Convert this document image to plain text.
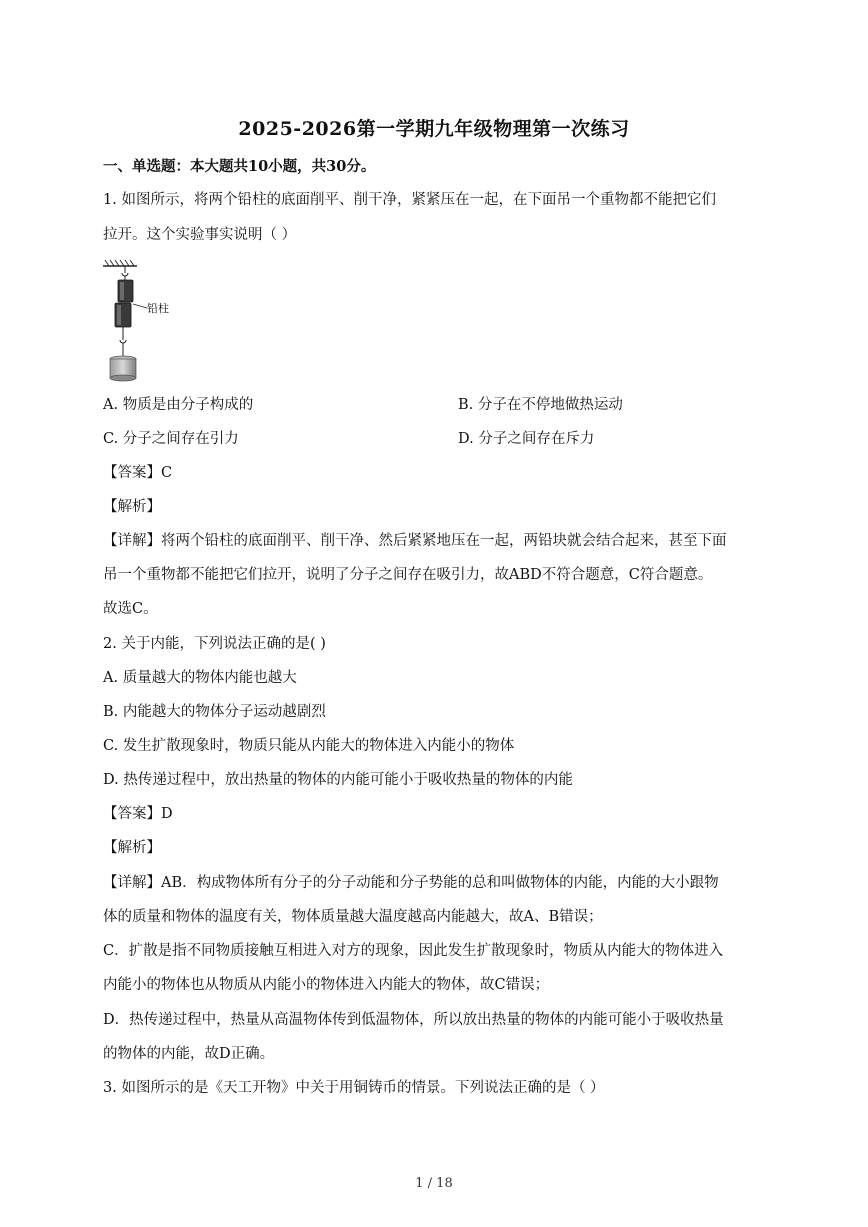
2025-2026第一学期九年级物理第一次练习
一、单选题：本大题共10小题，共30分。
1. 如图所示，将两个铅柱的底面削平、削干净，紧紧压在一起，在下面吊一个重物都不能把它们
拉开。这个实验事实说明（ ）
铅柱
A. 物质是由分子构成的	B. 分子在不停地做热运动
C. 分子之间存在引力	D. 分子之间存在斥力
【答案】C
【解析】
【详解】将两个铅柱的底面削平、削干净、然后紧紧地压在一起，两铅块就会结合起来，甚至下面
吊一个重物都不能把它们拉开，说明了分子之间存在吸引力，故ABD不符合题意，C符合题意。
故选C。
2. 关于内能，下列说法正确的是( )
A. 质量越大的物体内能也越大
B. 内能越大的物体分子运动越剧烈
C. 发生扩散现象时，物质只能从内能大的物体进入内能小的物体
D. 热传递过程中，放出热量的物体的内能可能小于吸收热量的物体的内能
【答案】D
【解析】
【详解】AB．构成物体所有分子的分子动能和分子势能的总和叫做物体的内能，内能的大小跟物
体的质量和物体的温度有关，物体质量越大温度越高内能越大，故A、B错误；
C．扩散是指不同物质接触互相进入对方的现象，因此发生扩散现象时，物质从内能大的物体进入
内能小的物体也从物质从内能小的物体进入内能大的物体，故C错误；
D．热传递过程中，热量从高温物体传到低温物体，所以放出热量的物体的内能可能小于吸收热量
的物体的内能，故D正确。
3. 如图所示的是《天工开物》中关于用铜铸币的情景。下列说法正确的是（ ）
1 / 18
